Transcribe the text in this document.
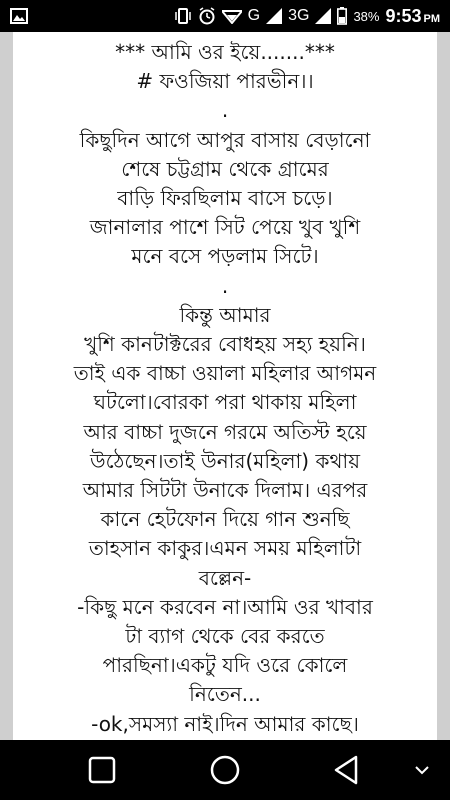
G 3G	38% 9:53 PM
*** আমি ওর ইয়ে.......***
# ফওজিয়া পারভীন।।
.
কিছুদিন আগে আপুর বাসায় বেড়ানো
শেষে চট্টগ্রাম থেকে গ্রামের
বাড়ি ফিরছিলাম বাসে চড়ে।
জানালার পাশে সিট পেয়ে খুব খুশি
মনে বসে পড়লাম সিটে।
.
কিন্তু আমার
খুশি কানটাক্টরের বোধহয় সহ্য হয়নি।
তাই এক বাচ্চা ওয়ালা মহিলার আগমন
ঘটলো।বোরকা পরা থাকায় মহিলা
আর বাচ্চা দুজনে গরমে অতিস্ট হয়ে
উঠেছেন।তাই উনার(মহিলা) কথায়
আমার সিটটা উনাকে দিলাম। এরপর
কানে হেটফোন দিয়ে গান শুনছি
তাহসান কাকুর।এমন সময় মহিলাটা
বল্লেন-
-কিছু মনে করবেন না।আমি ওর খাবার
টা ব্যাগ থেকে বের করতে
পারছিনা।একটু যদি ওরে কোলে
নিতেন...
-ok,সমস্যা নাই।দিন আমার কাছে।
